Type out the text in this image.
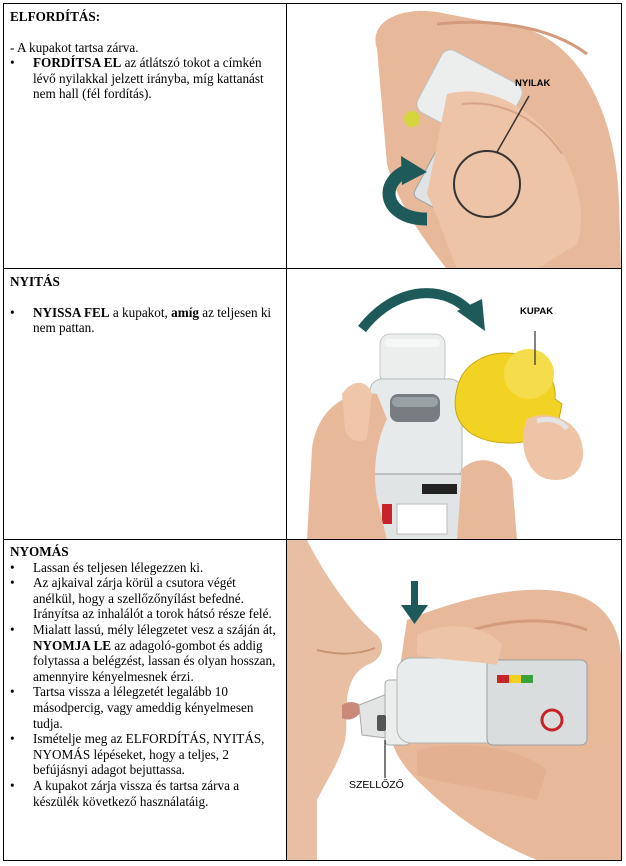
ELFORDÍTÁS:
- A kupakot tartsa zárva.
• FORDÍTSA EL az átlátszó tokot a címkén lévő nyilakkal jelzett irányba, míg kattanást nem hall (fél fordítás).
NYILAK
NYITÁS
• NYISSA FEL a kupakot, amíg az teljesen ki nem pattan.
KUPAK
NYOMÁS
• Lassan és teljesen lélegezzen ki.
• Az ajkaival zárja körül a csutora végét anélkül, hogy a szellőzőnyílást befedné. Irányítsa az inhalálót a torok hátsó része felé.
• Mialatt lassú, mély lélegzetet vesz a száján át, NYOMJA LE az adagoló-gombot és addig folytassa a belégzést, lassan és olyan hosszan, amennyire kényelmesnek érzi.
• Tartsa vissza a lélegzetét legalább 10 másodpercig, vagy ameddig kényelmesen tudja.
• Ismételje meg az ELFORDÍTÁS, NYITÁS, NYOMÁS lépéseket, hogy a teljes, 2 befújásnyi adagot bejuttassa.
• A kupakot zárja vissza és tartsa zárva a készülék következő használatáig.
SZELLŐZŐ
